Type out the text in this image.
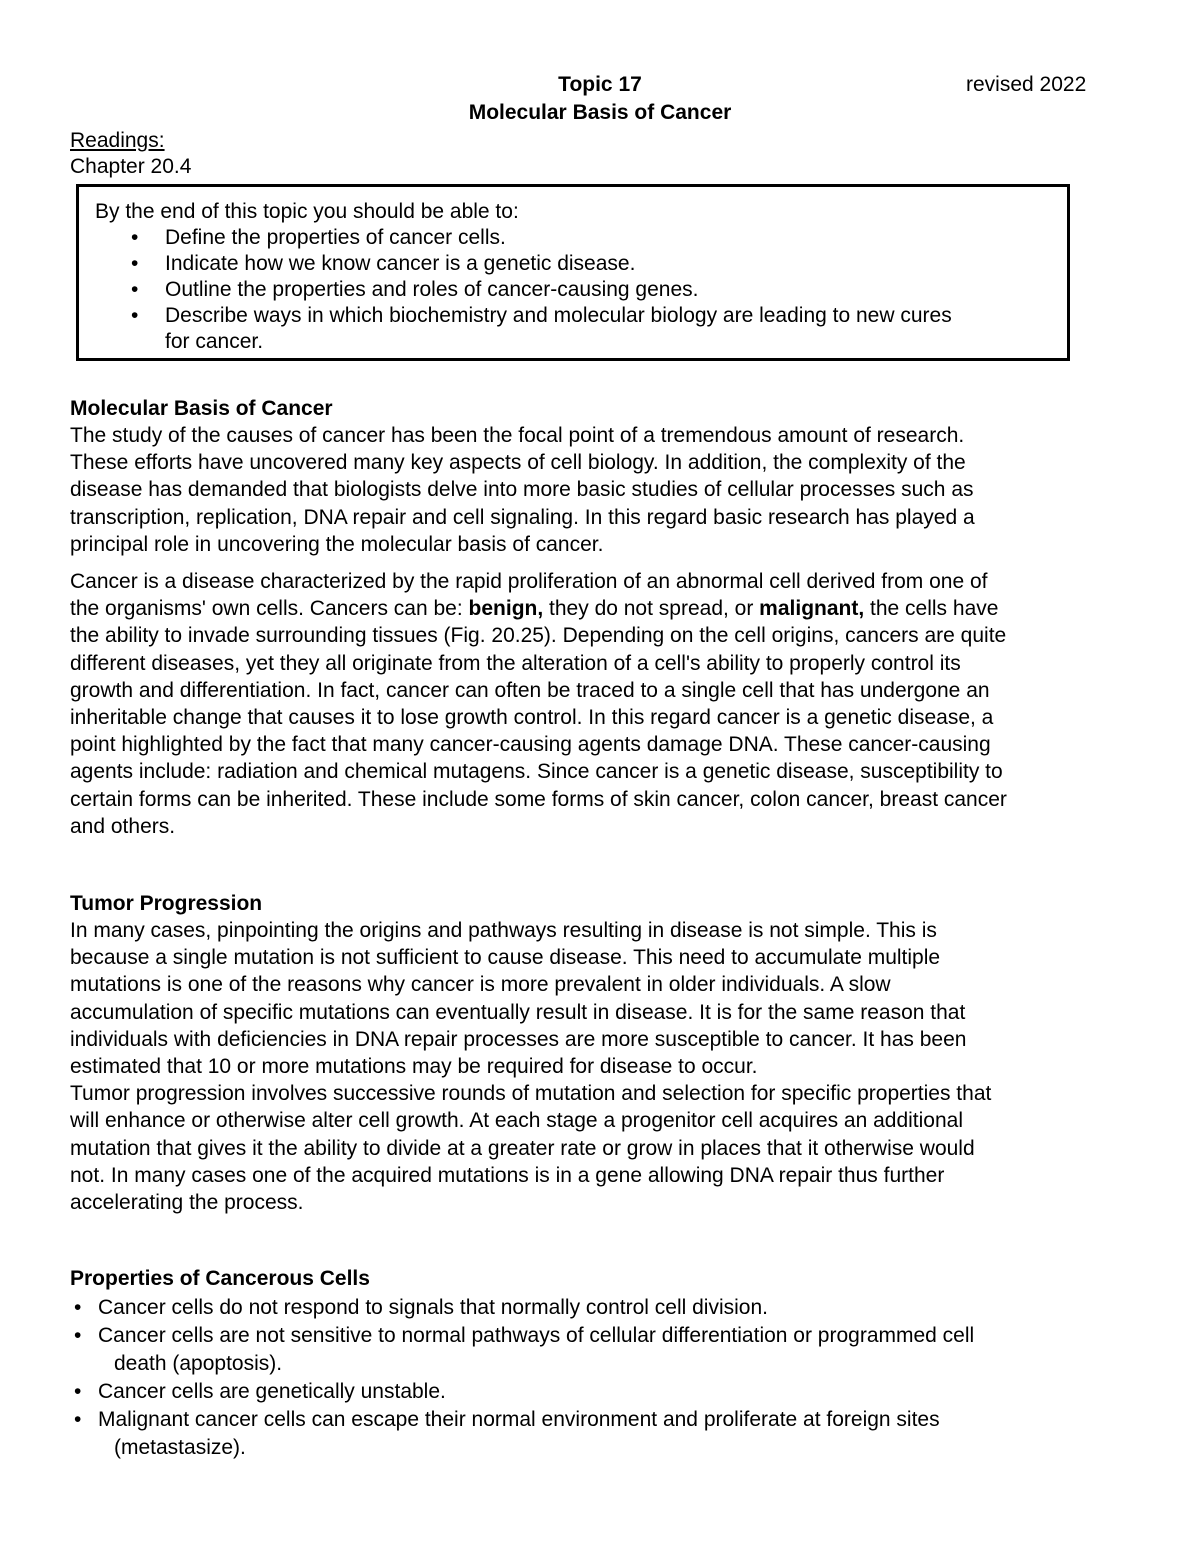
Topic 17	revised 2022

Molecular Basis of Cancer

Readings:

Chapter 20.4

By the end of this topic you should be able to:

• Define the properties of cancer cells.
• Indicate how we know cancer is a genetic disease.
• Outline the properties and roles of cancer-causing genes.
• Describe ways in which biochemistry and molecular biology are leading to new cures
for cancer.

Molecular Basis of Cancer

The study of the causes of cancer has been the focal point of a tremendous amount of research.

These efforts have uncovered many key aspects of cell biology. In addition, the complexity of the

disease has demanded that biologists delve into more basic studies of cellular processes such as

transcription, replication, DNA repair and cell signaling. In this regard basic research has played a

principal role in uncovering the molecular basis of cancer.

Cancer is a disease characterized by the rapid proliferation of an abnormal cell derived from one of

the organisms' own cells. Cancers can be: benign, they do not spread, or malignant, the cells have

the ability to invade surrounding tissues (Fig. 20.25). Depending on the cell origins, cancers are quite

different diseases, yet they all originate from the alteration of a cell's ability to properly control its

growth and differentiation. In fact, cancer can often be traced to a single cell that has undergone an

inheritable change that causes it to lose growth control. In this regard cancer is a genetic disease, a

point highlighted by the fact that many cancer-causing agents damage DNA. These cancer-causing

agents include: radiation and chemical mutagens. Since cancer is a genetic disease, susceptibility to

certain forms can be inherited. These include some forms of skin cancer, colon cancer, breast cancer

and others.

Tumor Progression

In many cases, pinpointing the origins and pathways resulting in disease is not simple. This is

because a single mutation is not sufficient to cause disease. This need to accumulate multiple

mutations is one of the reasons why cancer is more prevalent in older individuals. A slow

accumulation of specific mutations can eventually result in disease. It is for the same reason that

individuals with deficiencies in DNA repair processes are more susceptible to cancer. It has been

estimated that 10 or more mutations may be required for disease to occur.

Tumor progression involves successive rounds of mutation and selection for specific properties that

will enhance or otherwise alter cell growth. At each stage a progenitor cell acquires an additional

mutation that gives it the ability to divide at a greater rate or grow in places that it otherwise would

not. In many cases one of the acquired mutations is in a gene allowing DNA repair thus further

accelerating the process.

Properties of Cancerous Cells

• Cancer cells do not respond to signals that normally control cell division.
• Cancer cells are not sensitive to normal pathways of cellular differentiation or programmed cell
death (apoptosis).
• Cancer cells are genetically unstable.
• Malignant cancer cells can escape their normal environment and proliferate at foreign sites
(metastasize).
